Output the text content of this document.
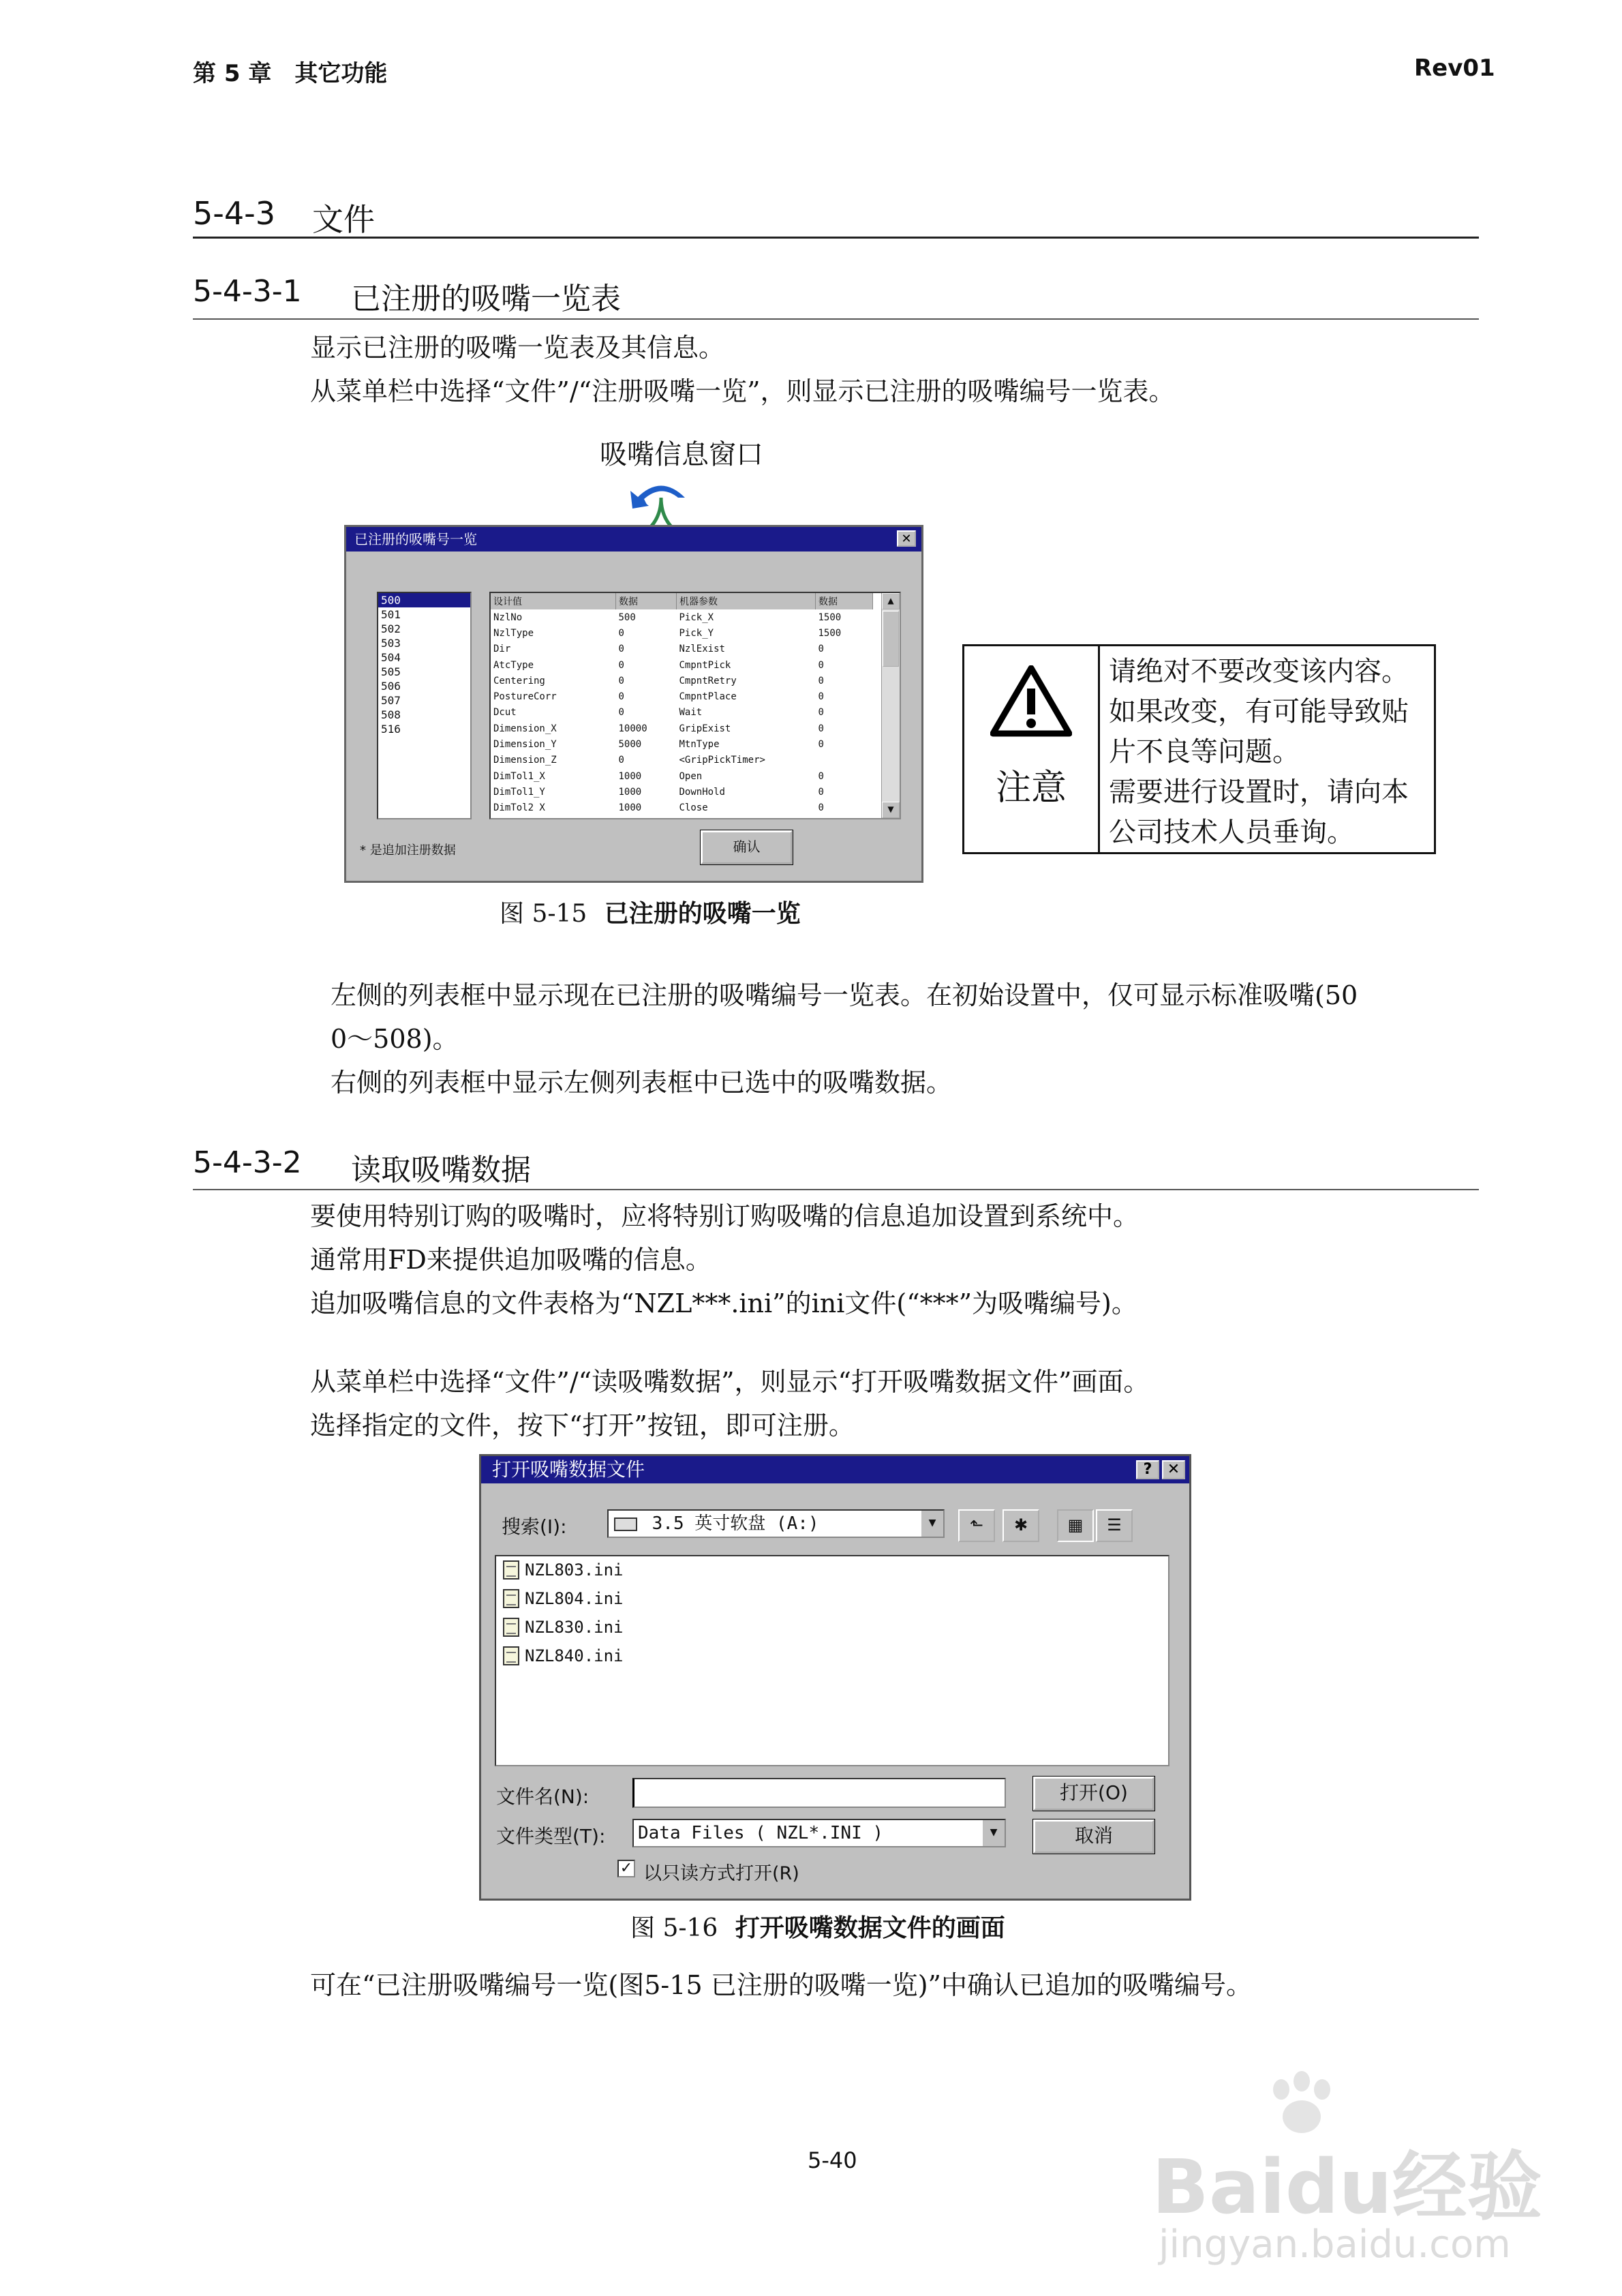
第 5 章　其它功能	Rev01
5-4-3 文件
5-4-3-1 已注册的吸嘴一览表
显示已注册的吸嘴一览表及其信息。
从菜单栏中选择“文件”/“注册吸嘴一览”，则显示已注册的吸嘴编号一览表。
吸嘴信息窗口
已注册的吸嘴号一览	✕
500
501
502
503
504
505
506
507
508
516
设计值	数据	机器参数	数据
NzlNo	500	Pick_X	1500
NzlType	0	Pick_Y	1500
Dir	0	NzlExist	0
AtcType	0	CmpntPick	0
Centering	0	CmpntRetry	0
PostureCorr	0	CmpntPlace	0
Dcut	0	Wait	0
Dimension_X	10000	GripExist	0
Dimension_Y	5000	MtnType	0
Dimension_Z	0	<GripPickTimer>	
DimTol1_X	1000	Open	0
DimTol1_Y	1000	DownHold	0
DimTol2 X	1000	Close	0
▲
▼
* 是追加注册数据	确认
注意
请绝对不要改变该内容。
如果改变，有可能导致贴
片不良等问题。
需要进行设置时，请向本
公司技术人员垂询。
图 5-15 已注册的吸嘴一览
左侧的列表框中显示现在已注册的吸嘴编号一览表。在初始设置中，仅可显示标准吸嘴(50
0～508)。
右侧的列表框中显示左侧列表框中已选中的吸嘴数据。
5-4-3-2 读取吸嘴数据
要使用特别订购的吸嘴时，应将特别订购吸嘴的信息追加设置到系统中。
通常用FD来提供追加吸嘴的信息。
追加吸嘴信息的文件表格为“NZL***.ini”的ini文件(“***”为吸嘴编号)。
从菜单栏中选择“文件”/“读吸嘴数据”，则显示“打开吸嘴数据文件”画面。
选择指定的文件，按下“打开”按钮，即可注册。
打开吸嘴数据文件	?	✕
搜索(I):	3.5 英寸软盘 (A:)	▼	⬑	✱	▦	☰
NZL803.ini
NZL804.ini
NZL830.ini
NZL840.ini
文件名(N):	打开(O)
文件类型(T):	Data Files ( NZL*.INI )	▼	取消
✓ 以只读方式打开(R)
图 5-16 打开吸嘴数据文件的画面
可在“已注册吸嘴编号一览(图5-15 已注册的吸嘴一览)”中确认已追加的吸嘴编号。
5-40	Baidu经验
jingyan.baidu.com
